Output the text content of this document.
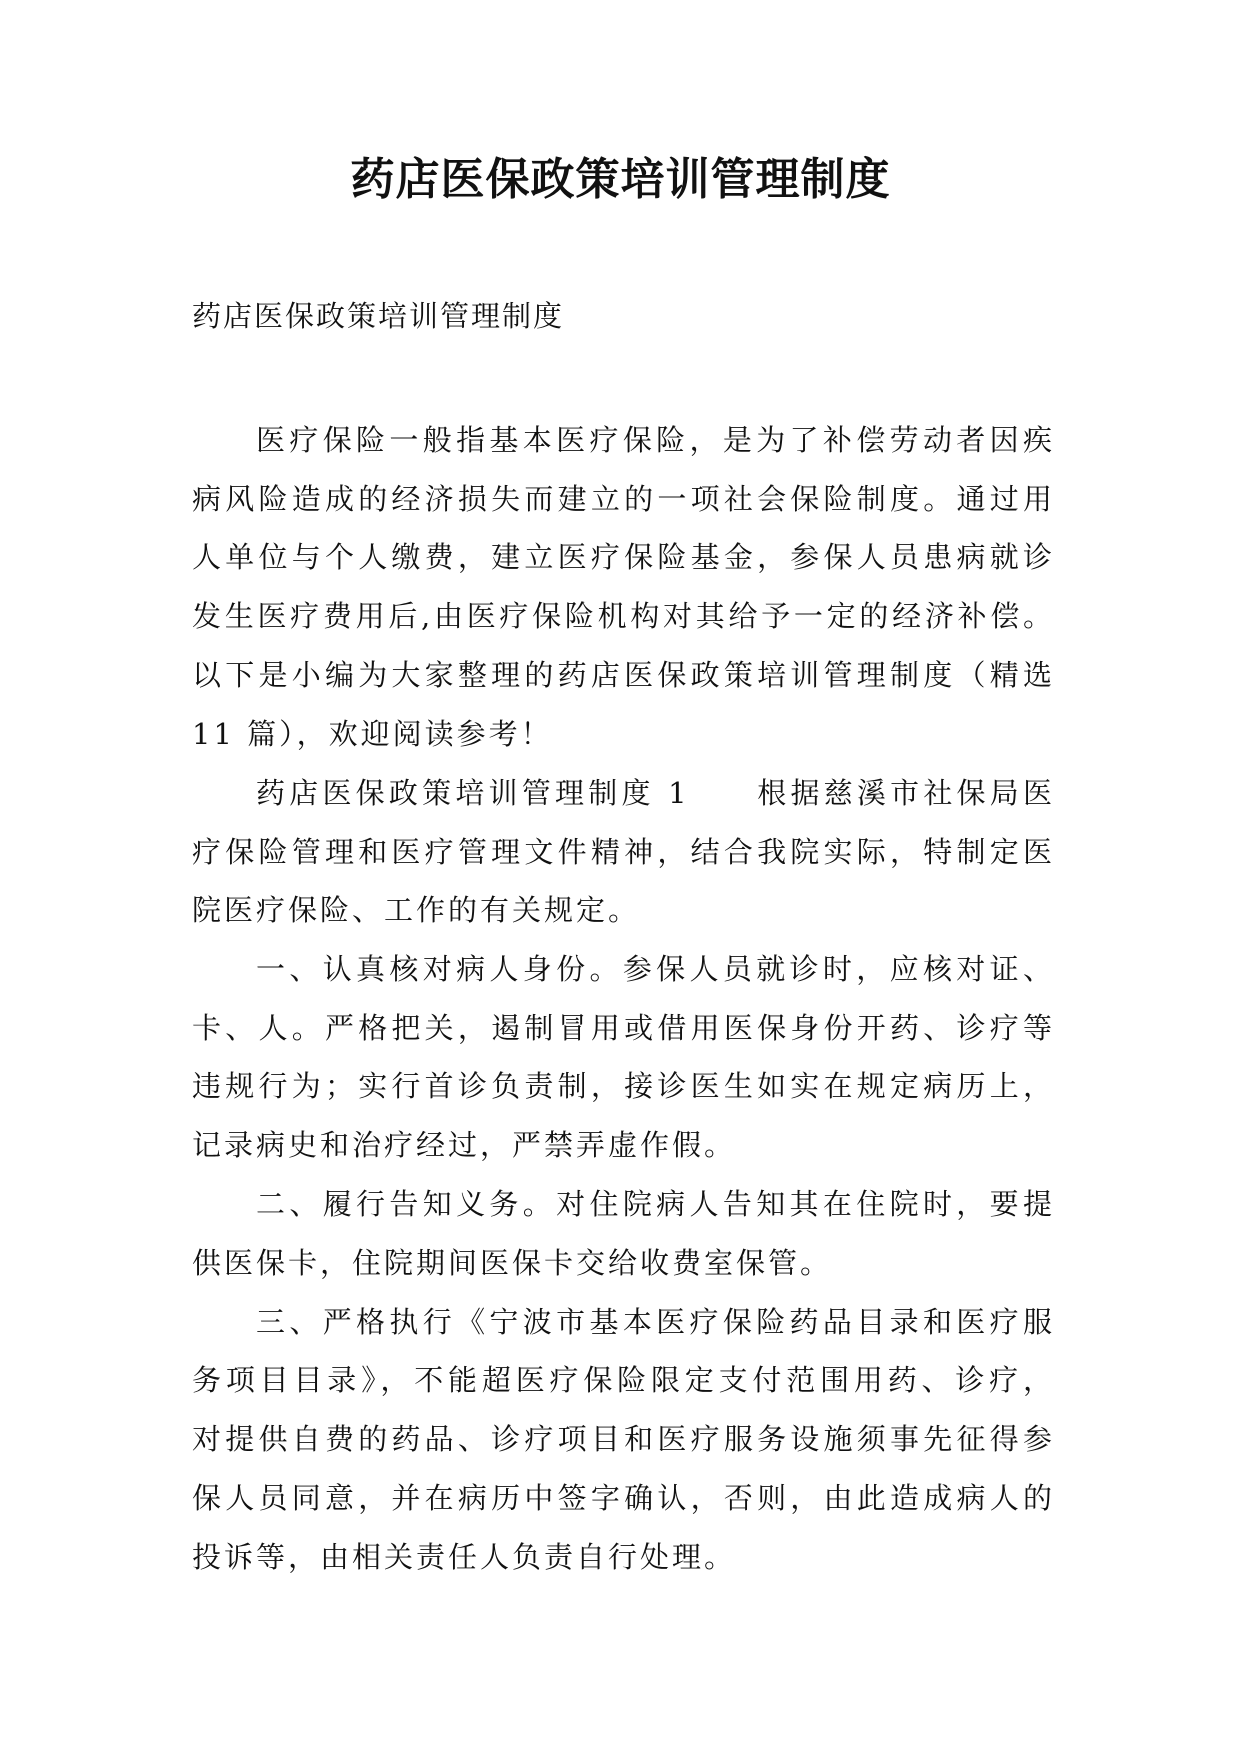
药店医保政策培训管理制度
药店医保政策培训管理制度
医疗保险一般指基本医疗保险，是为了补偿劳动者因疾
病风险造成的经济损失而建立的一项社会保险制度。通过用
人单位与个人缴费，建立医疗保险基金，参保人员患病就诊
发生医疗费用后,由医疗保险机构对其给予一定的经济补偿。
以下是小编为大家整理的药店医保政策培训管理制度（精选
11 篇），欢迎阅读参考！
药店医保政策培训管理制度 1　　根据慈溪市社保局医
疗保险管理和医疗管理文件精神，结合我院实际，特制定医
院医疗保险、工作的有关规定。
一、认真核对病人身份。参保人员就诊时，应核对证、
卡、人。严格把关，遏制冒用或借用医保身份开药、诊疗等
违规行为；实行首诊负责制，接诊医生如实在规定病历上，
记录病史和治疗经过，严禁弄虚作假。
二、履行告知义务。对住院病人告知其在住院时，要提
供医保卡，住院期间医保卡交给收费室保管。
三、严格执行《宁波市基本医疗保险药品目录和医疗服
务项目目录》，不能超医疗保险限定支付范围用药、诊疗，
对提供自费的药品、诊疗项目和医疗服务设施须事先征得参
保人员同意，并在病历中签字确认，否则，由此造成病人的
投诉等，由相关责任人负责自行处理。
